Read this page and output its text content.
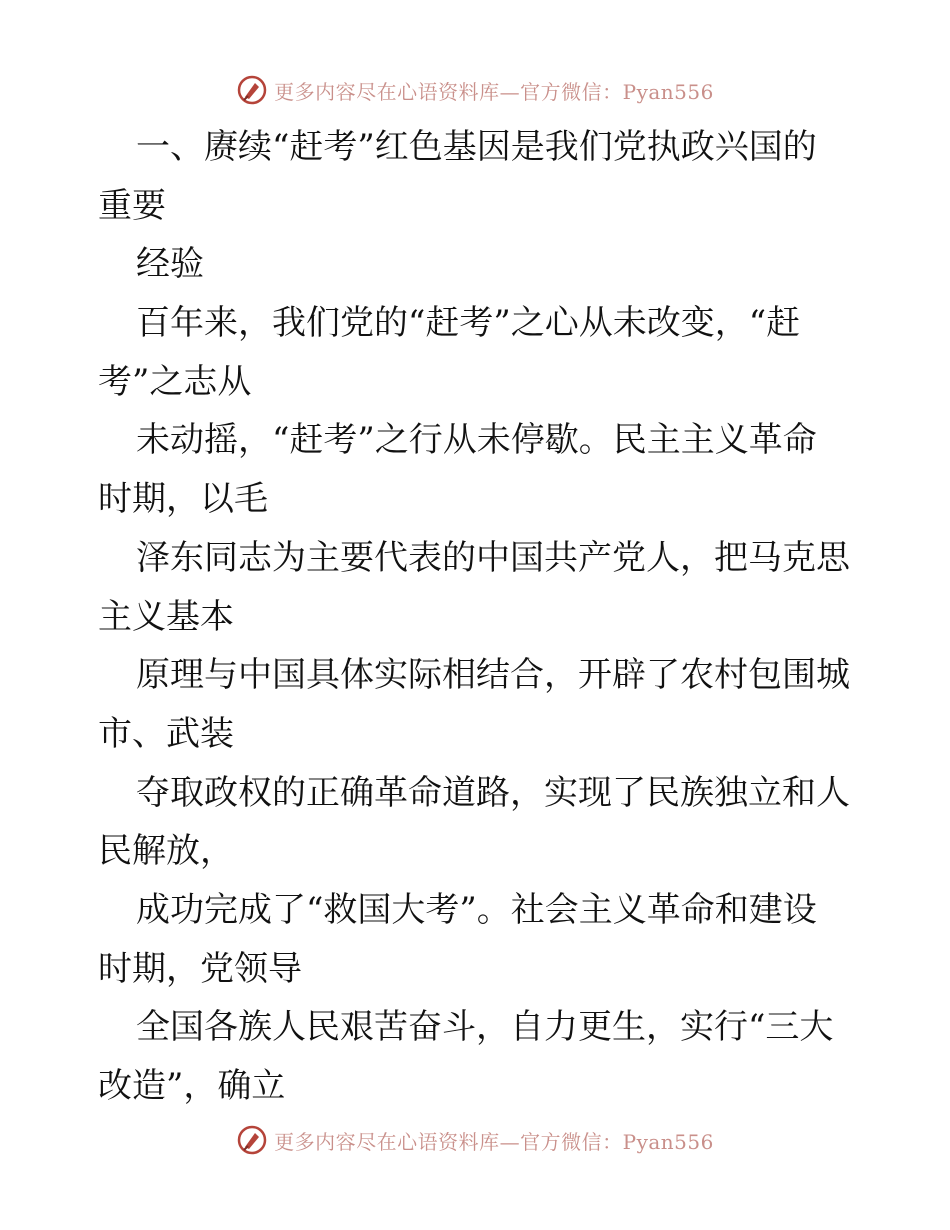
更多内容尽在心语资料库—官方微信：Pyan556
一、赓续“赶考”红色基因是我们党执政兴国的
重要
经验
百年来，我们党的“赶考”之心从未改变，“赶
考”之志从
未动摇，“赶考”之行从未停歇。民主主义革命
时期，以毛
泽东同志为主要代表的中国共产党人，把马克思
主义基本
原理与中国具体实际相结合，开辟了农村包围城
市、武装
夺取政权的正确革命道路，实现了民族独立和人
民解放，
成功完成了“救国大考”。社会主义革命和建设
时期，党领导
全国各族人民艰苦奋斗，自力更生，实行“三大
改造”，确立
更多内容尽在心语资料库—官方微信：Pyan556
